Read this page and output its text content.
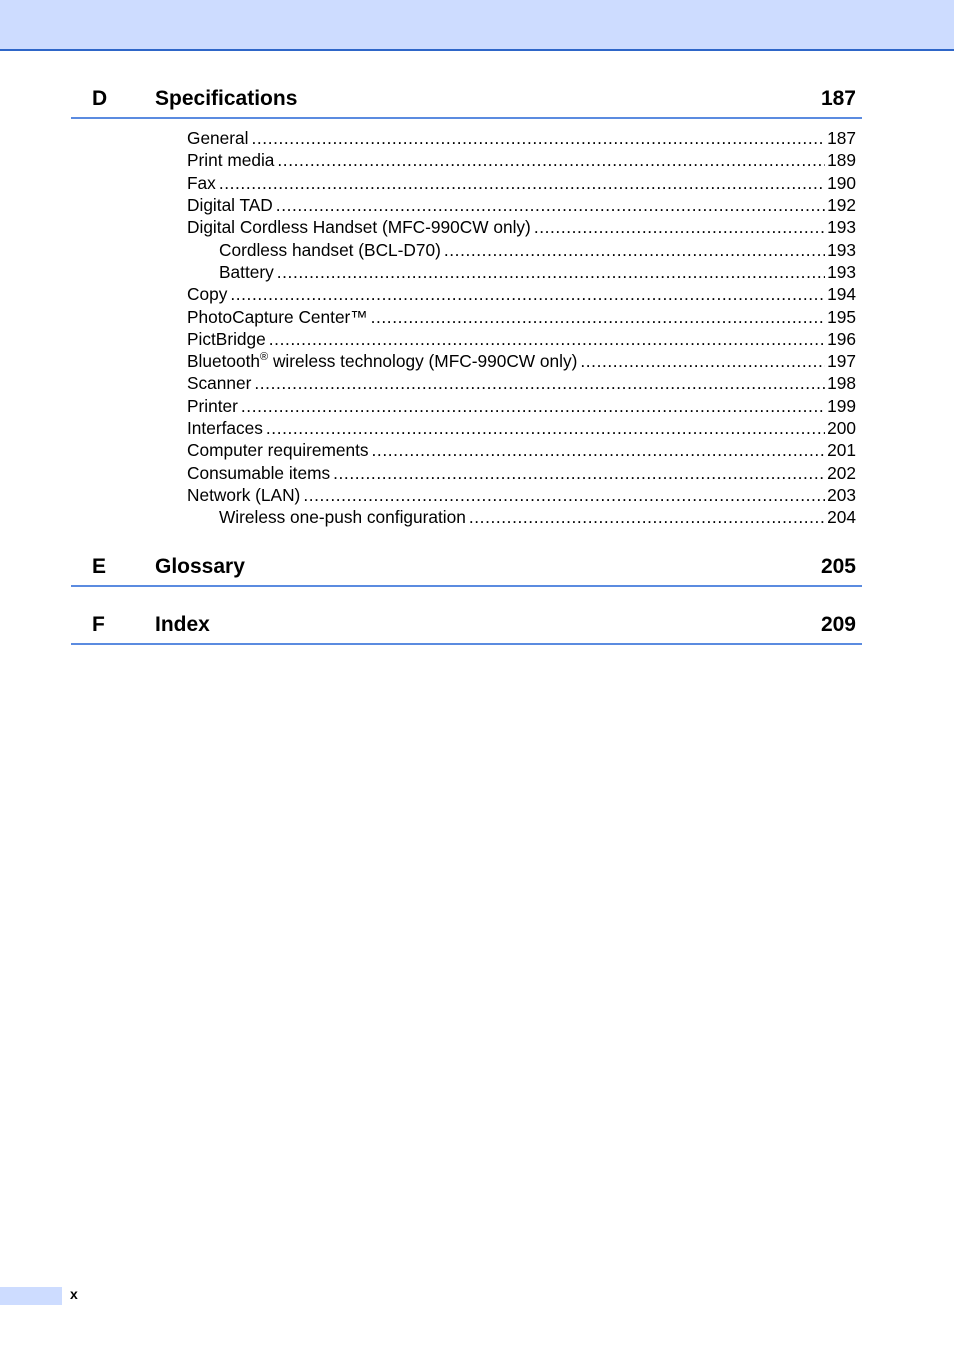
D Specifications	187
General .....	187
Print media .....	189
Fax .....	190
Digital TAD .....	192
Digital Cordless Handset (MFC-990CW only) .....	193
Cordless handset (BCL-D70) .....	193
Battery .....	193
Copy .....	194
PhotoCapture Center™ .....	195
PictBridge .....	196
Bluetooth® wireless technology (MFC-990CW only) .....	197
Scanner .....	198
Printer .....	199
Interfaces .....	200
Computer requirements .....	201
Consumable items .....	202
Network (LAN) .....	203
Wireless one-push configuration .....	204
E Glossary	205
F Index	209
x
